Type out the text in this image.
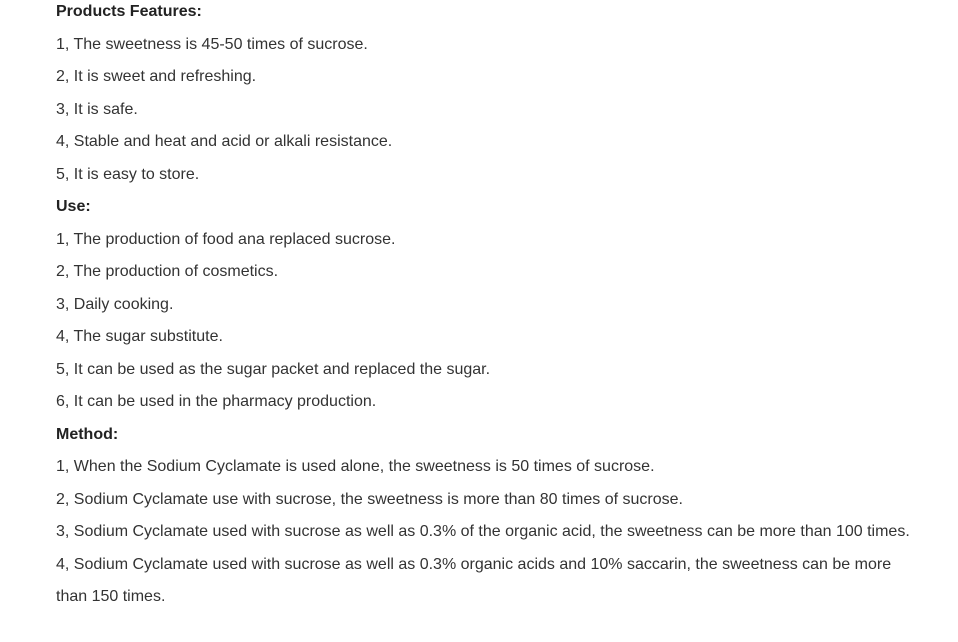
Products Features:

1, The sweetness is 45-50 times of sucrose.

2, It is sweet and refreshing.

3, It is safe.

4, Stable and heat and acid or alkali resistance.

5, It is easy to store.

Use:

1, The production of food ana replaced sucrose.

2, The production of cosmetics.

3, Daily cooking.

4, The sugar substitute.

5, It can be used as the sugar packet and replaced the sugar.

6, It can be used in the pharmacy production.

Method:

1, When the Sodium Cyclamate is used alone, the sweetness is 50 times of sucrose.

2, Sodium Cyclamate use with sucrose, the sweetness is more than 80 times of sucrose.

3, Sodium Cyclamate used with sucrose as well as 0.3% of the organic acid, the sweetness can be more than 100 times.

4, Sodium Cyclamate used with sucrose as well as 0.3% organic acids and 10% saccarin, the sweetness can be more than 150 times.
